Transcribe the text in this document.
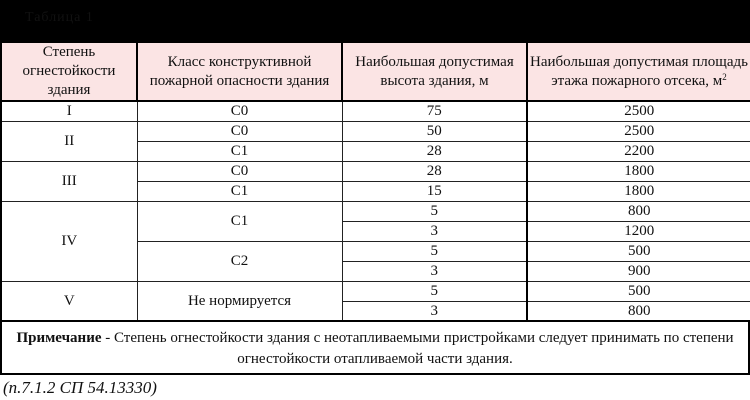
Таблица 1
Степень огнестойкости здания	Класс конструктивной пожарной опасности здания	Наибольшая допустимая высота здания, м	Наибольшая допустимая площадь этажа пожарного отсека, $м^2$
I	С0	75	2500
II	С0	50	2500
	С1	28	2200
III	С0	28	1800
	С1	15	1800
IV	С1	5	800
		3	1200
	С2	5	500
		3	900
V	Не нормируется	5	500
		3	800
Примечание - Степень огнестойкости здания с неотапливаемыми пристройками следует принимать по степени огнестойкости отапливаемой части здания.
(п.7.1.2 СП 54.13330)
